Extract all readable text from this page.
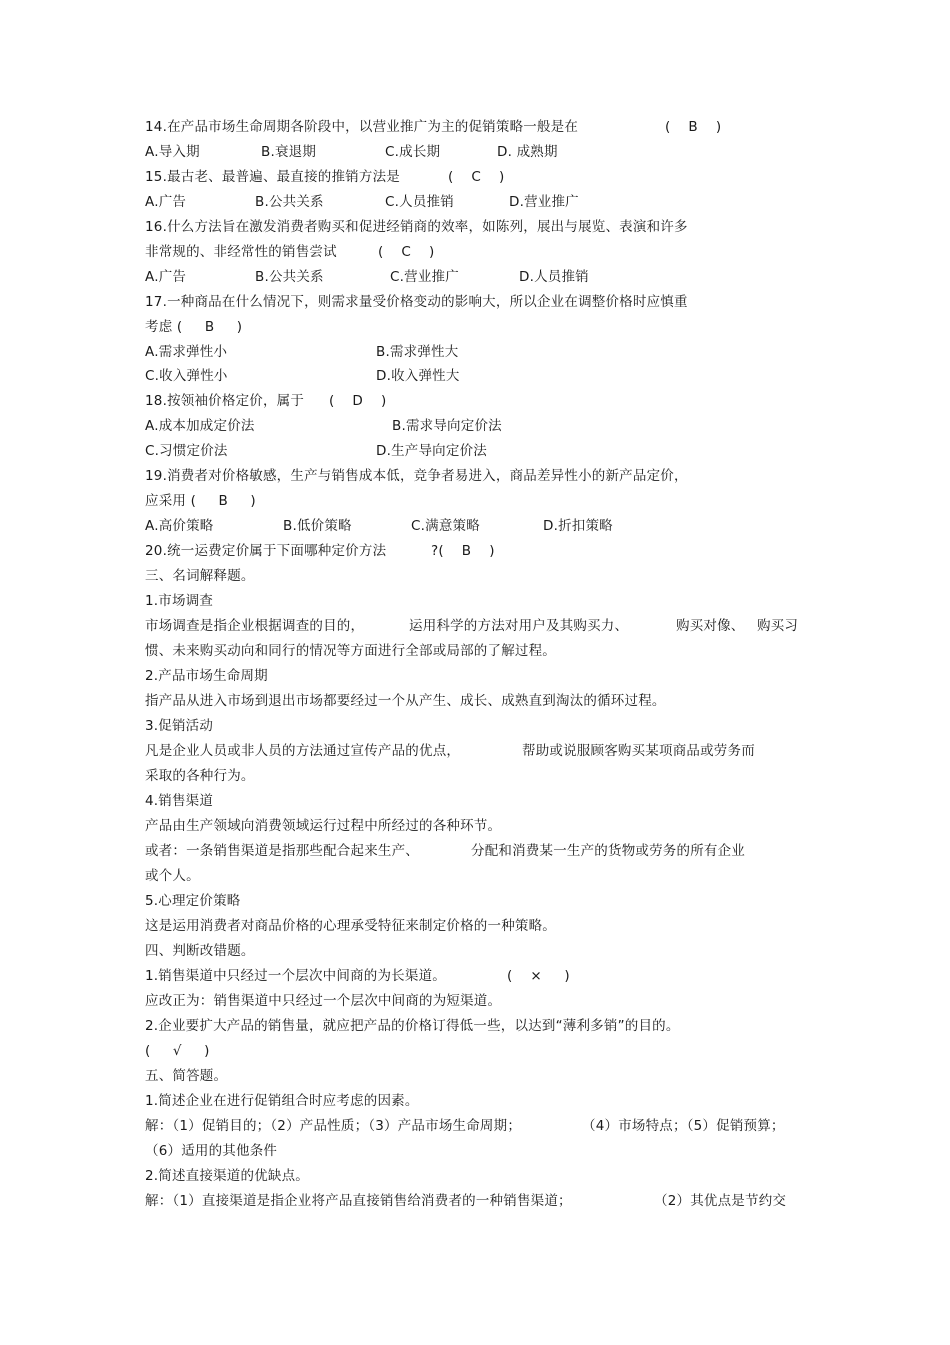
14.在产品市场生命周期各阶段中，以营业推广为主的促销策略一般是在

	(    B    )

A.导入期

	B.衰退期

	C.成长期

	D. 成熟期

15.最古老、最普遍、最直接的推销方法是

	(    C    )

A.广告

	B.公共关系

	C.人员推销

	D.营业推广

16.什么方法旨在激发消费者购买和促进经销商的效率，如陈列，展出与展览、表演和许多

非常规的、非经常性的销售尝试

	(    C    )

A.广告

	B.公共关系

	C.营业推广

	D.人员推销

17.一种商品在什么情况下，则需求量受价格变动的影响大，所以企业在调整价格时应慎重

考虑 (     B     )

A.需求弹性小

	B.需求弹性大

C.收入弹性小

	D.收入弹性大

18.按领袖价格定价，属于

(    D    )

A.成本加成定价法

	B.需求导向定价法

C.习惯定价法

	D.生产导向定价法

19.消费者对价格敏感，生产与销售成本低，竞争者易进入，商品差异性小的新产品定价，

应采用 (     B     )

A.高价策略

	B.低价策略

	C.满意策略

	D.折扣策略

20.统一运费定价属于下面哪种定价方法

	?(    B    )

三、名词解释题。
1.市场调查

市场调查是指企业根据调查的目的，

	运用科学的方法对用户及其购买力、

	购买对像、

购买习

惯、未来购买动向和同行的情况等方面进行全部或局部的了解过程。
2.产品市场生命周期
指产品从进入市场到退出市场都要经过一个从产生、成长、成熟直到淘汰的循环过程。
3.促销活动

凡是企业人员或非人员的方法通过宣传产品的优点，

	帮助或说服顾客购买某项商品或劳务而

采取的各种行为。
4.销售渠道
产品由生产领域向消费领域运行过程中所经过的各种环节。

或者：一条销售渠道是指那些配合起来生产、

	分配和消费某一生产的货物或劳务的所有企业

或个人。
5.心理定价策略
这是运用消费者对商品价格的心理承受特征来制定价格的一种策略。
四、判断改错题。

1.销售渠道中只经过一个层次中间商的为长渠道。

	(    ×     )

应改正为：销售渠道中只经过一个层次中间商的为短渠道。
2.企业要扩大产品的销售量，就应把产品的价格订得低一些，以达到“薄利多销”的目的。
(     √     )
五、简答题。
1.简述企业在进行促销组合时应考虑的因素。

解：（1）促销目的；（2）产品性质；（3）产品市场生命周期；

	（4）市场特点；（5）促销预算；

（6）适用的其他条件
2.简述直接渠道的优缺点。

解：（1）直接渠道是指企业将产品直接销售给消费者的一种销售渠道；

	（2）其优点是节约交
